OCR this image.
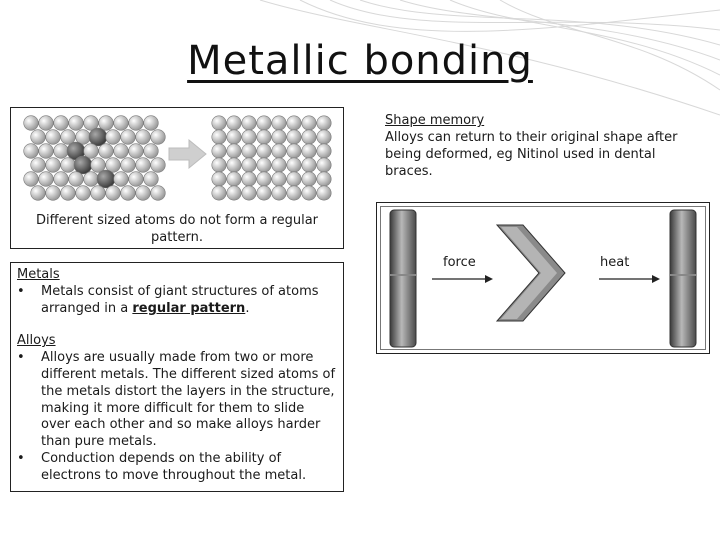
Metallic bonding
Different sized atoms do not form a regular pattern.
Metals
•	Metals consist of giant structures of atoms arranged in a regular pattern.
Alloys
•	Alloys are usually made from two or more different metals. The different sized atoms of the metals distort the layers in the structure, making it more difficult for them to slide over each other and so make alloys harder than pure metals.
•	Conduction depends on the ability of electrons to move throughout the metal.
Shape memory
Alloys can return to their original shape after being deformed, eg Nitinol used in dental braces.
force	heat
